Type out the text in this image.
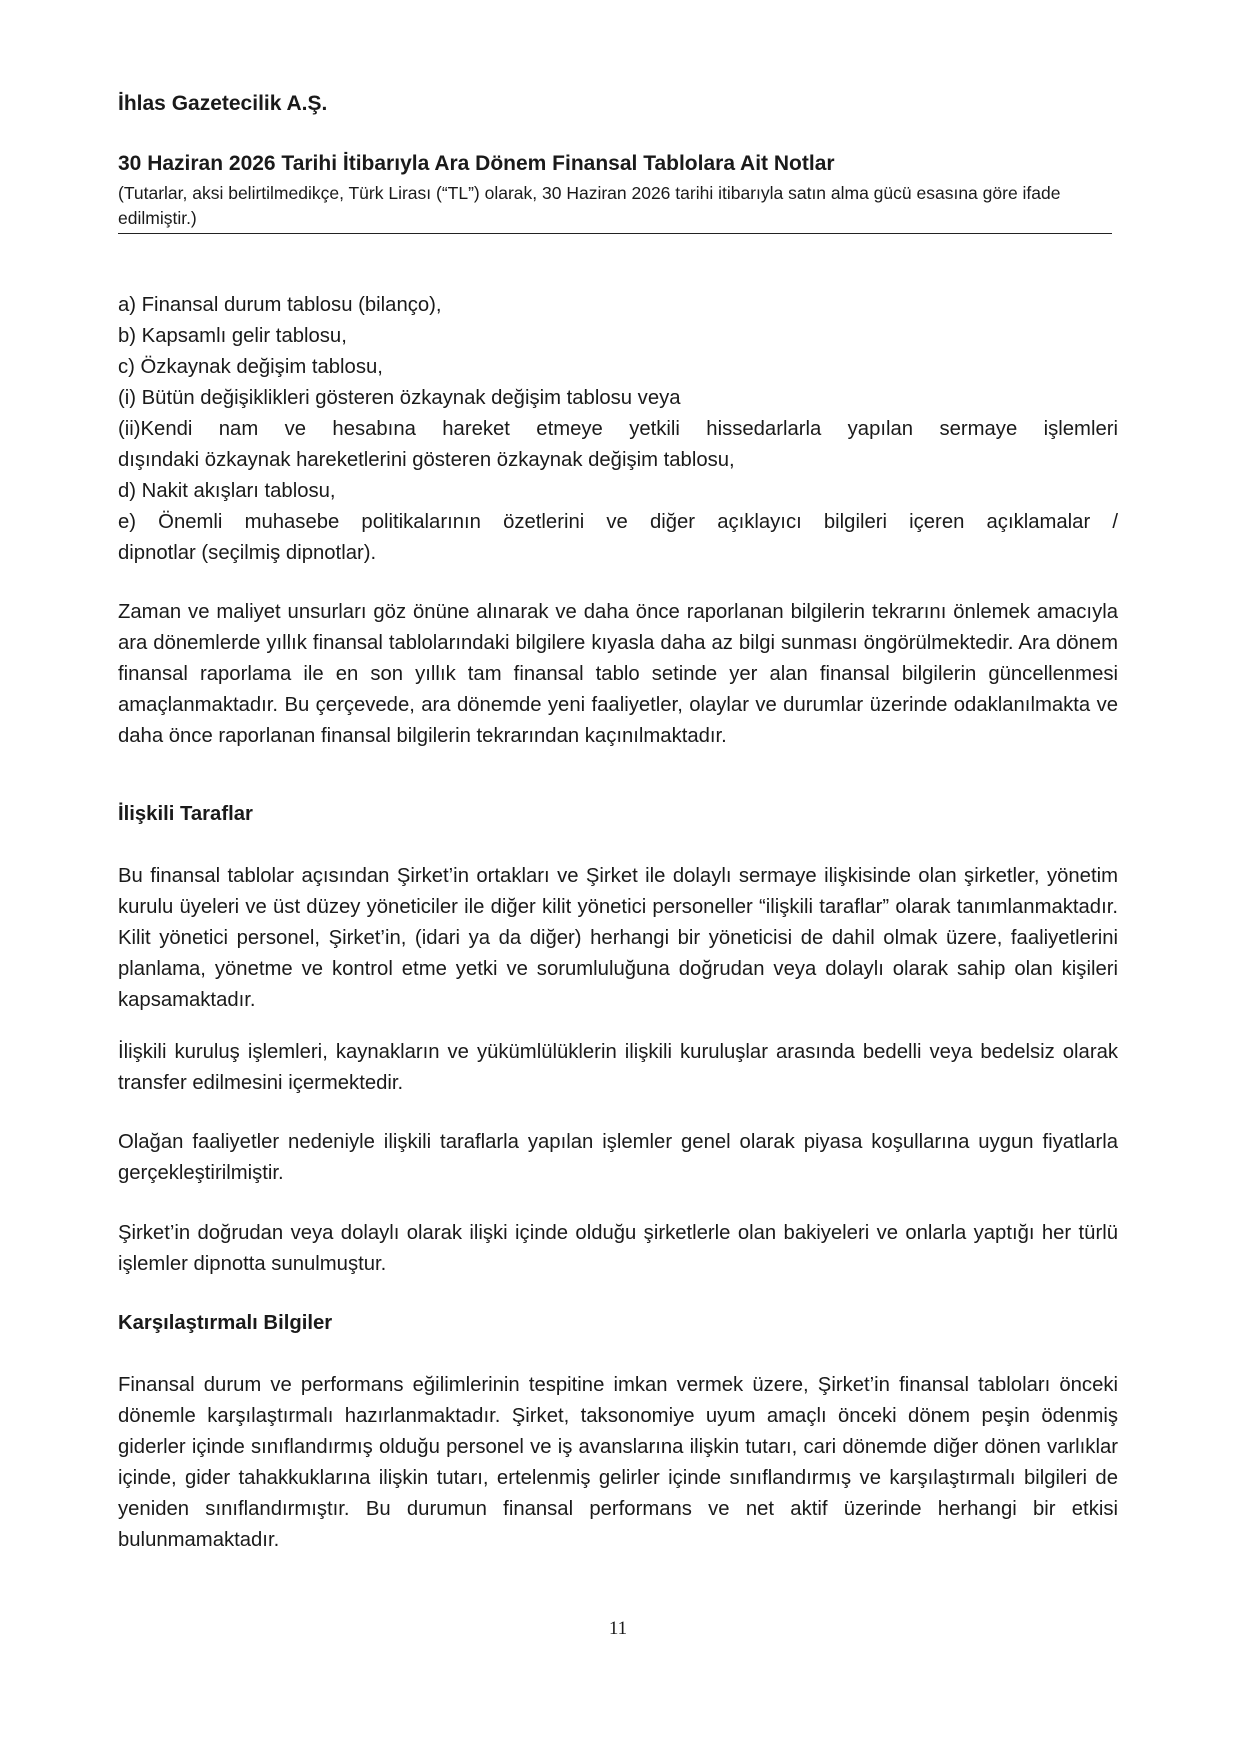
İhlas Gazetecilik A.Ş.

30 Haziran 2026 Tarihi İtibarıyla Ara Dönem Finansal Tablolara Ait Notlar

(Tutarlar, aksi belirtilmedikçe, Türk Lirası (“TL”) olarak, 30 Haziran 2026 tarihi itibarıyla satın alma gücü esasına göre ifade edilmiştir.)

a) Finansal durum tablosu (bilanço),

b) Kapsamlı gelir tablosu,

c) Özkaynak değişim tablosu,

(i) Bütün değişiklikleri gösteren özkaynak değişim tablosu veya

(ii)Kendi nam ve hesabına hareket etmeye yetkili hissedarlarla yapılan sermaye işlemleri

dışındaki özkaynak hareketlerini gösteren özkaynak değişim tablosu,

d) Nakit akışları tablosu,

e) Önemli muhasebe politikalarının özetlerini ve diğer açıklayıcı bilgileri içeren açıklamalar /

dipnotlar (seçilmiş dipnotlar).

Zaman ve maliyet unsurları göz önüne alınarak ve daha önce raporlanan bilgilerin tekrarını önlemek amacıyla ara dönemlerde yıllık finansal tablolarındaki bilgilere kıyasla daha az bilgi sunması öngörülmektedir. Ara dönem finansal raporlama ile en son yıllık tam finansal tablo setinde yer alan finansal bilgilerin güncellenmesi amaçlanmaktadır. Bu çerçevede, ara dönemde yeni faaliyetler, olaylar ve durumlar üzerinde odaklanılmakta ve daha önce raporlanan finansal bilgilerin tekrarından kaçınılmaktadır.

İlişkili Taraflar

Bu finansal tablolar açısından Şirket’in ortakları ve Şirket ile dolaylı sermaye ilişkisinde olan şirketler, yönetim kurulu üyeleri ve üst düzey yöneticiler ile diğer kilit yönetici personeller “ilişkili taraflar” olarak tanımlanmaktadır. Kilit yönetici personel, Şirket’in, (idari ya da diğer) herhangi bir yöneticisi de dahil olmak üzere, faaliyetlerini planlama, yönetme ve kontrol etme yetki ve sorumluluğuna doğrudan veya dolaylı olarak sahip olan kişileri kapsamaktadır.

İlişkili kuruluş işlemleri, kaynakların ve yükümlülüklerin ilişkili kuruluşlar arasında bedelli veya bedelsiz olarak transfer edilmesini içermektedir.

Olağan faaliyetler nedeniyle ilişkili taraflarla yapılan işlemler genel olarak piyasa koşullarına uygun fiyatlarla gerçekleştirilmiştir.

Şirket’in doğrudan veya dolaylı olarak ilişki içinde olduğu şirketlerle olan bakiyeleri ve onlarla yaptığı her türlü işlemler dipnotta sunulmuştur.

Karşılaştırmalı Bilgiler

Finansal durum ve performans eğilimlerinin tespitine imkan vermek üzere, Şirket’in finansal tabloları önceki dönemle karşılaştırmalı hazırlanmaktadır. Şirket, taksonomiye uyum amaçlı önceki dönem peşin ödenmiş giderler içinde sınıflandırmış olduğu personel ve iş avanslarına ilişkin tutarı, cari dönemde diğer dönen varlıklar içinde, gider tahakkuklarına ilişkin tutarı, ertelenmiş gelirler içinde sınıflandırmış ve karşılaştırmalı bilgileri de yeniden sınıflandırmıştır. Bu durumun finansal performans ve net aktif üzerinde herhangi bir etkisi bulunmamaktadır.

11
